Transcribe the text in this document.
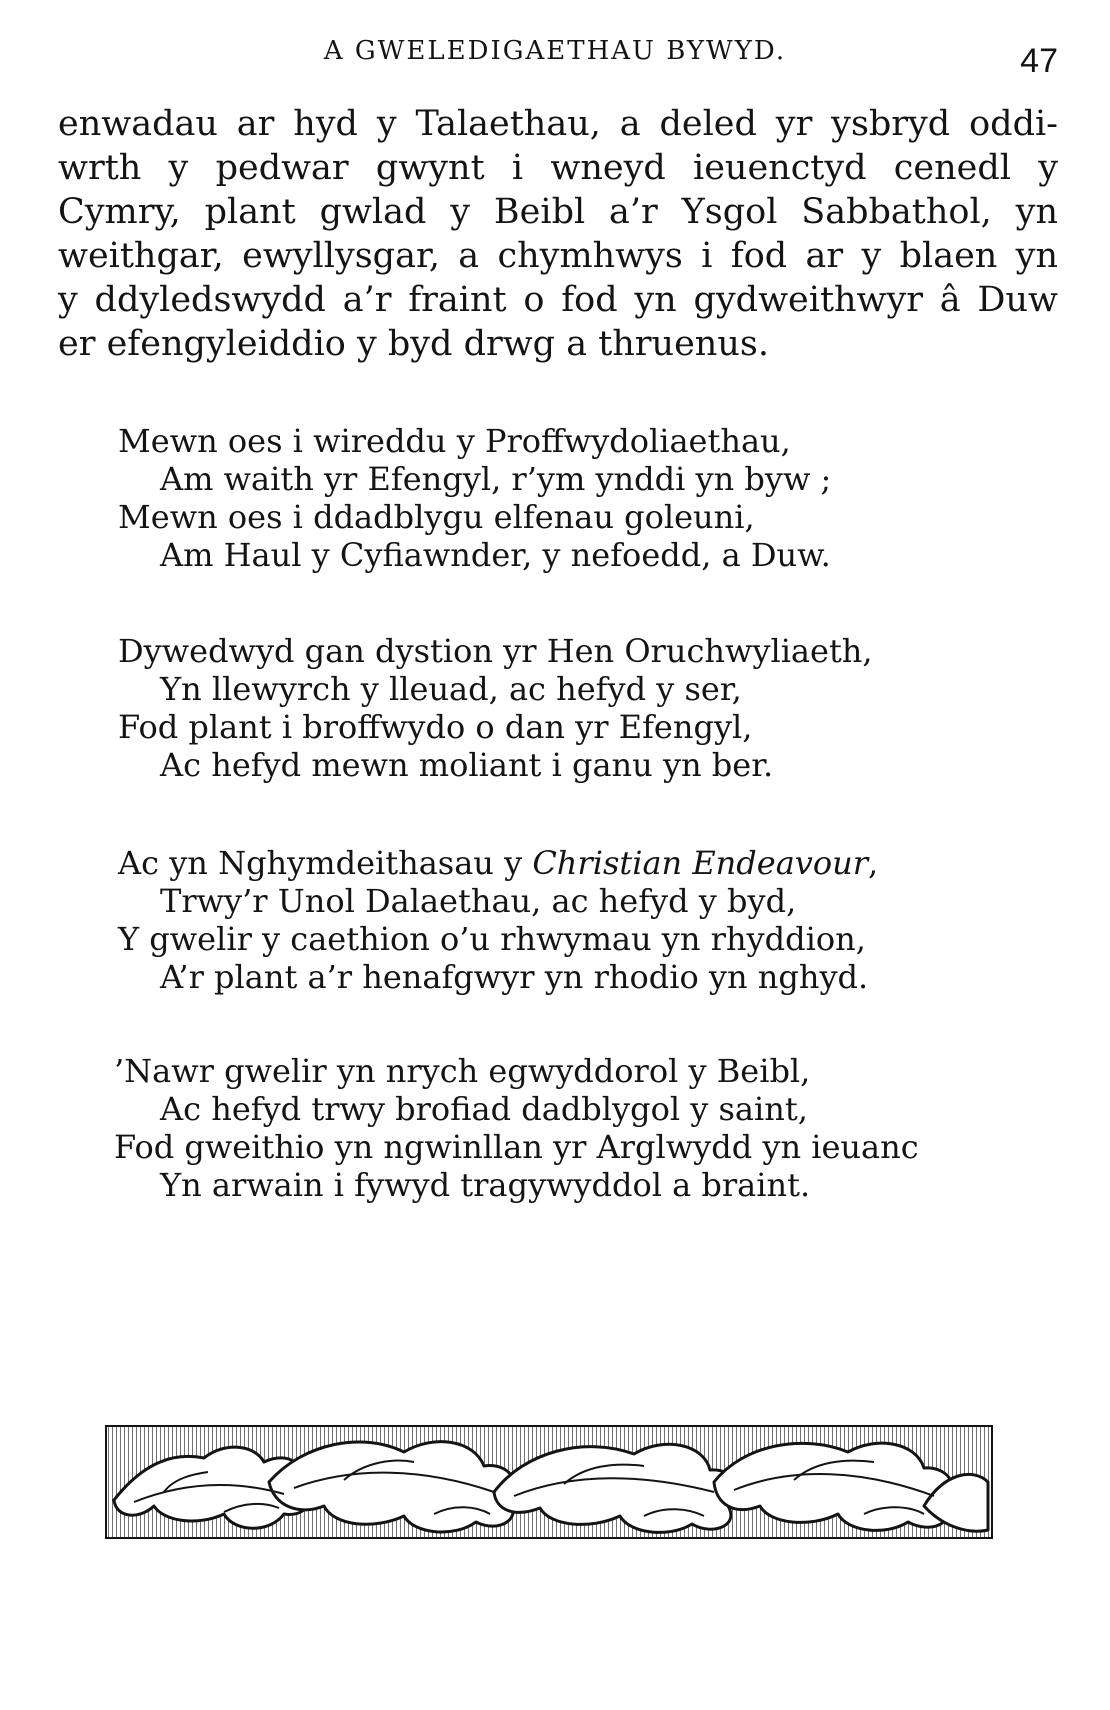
A GWELEDIGAETHAU BYWYD.	47
enwadau ar hyd y Talaethau, a deled yr ysbryd oddi-
wrth y pedwar gwynt i wneyd ieuenctyd cenedl y
Cymry, plant gwlad y Beibl a’r Ysgol Sabbathol, yn
weithgar, ewyllysgar, a chymhwys i fod ar y blaen yn
y ddyledswydd a’r fraint o fod yn gydweithwyr â Duw
er efengyleiddio y byd drwg a thruenus.
Mewn oes i wireddu y Proffwydoliaethau,
Am waith yr Efengyl, r’ym ynddi yn byw ;
Mewn oes i ddadblygu elfenau goleuni,
Am Haul y Cyfiawnder, y nefoedd, a Duw.
Dywedwyd gan dystion yr Hen Oruchwyliaeth,
Yn llewyrch y lleuad, ac hefyd y ser,
Fod plant i broffwydo o dan yr Efengyl,
Ac hefyd mewn moliant i ganu yn ber.
Ac yn Nghymdeithasau y Christian Endeavour,
Trwy’r Unol Dalaethau, ac hefyd y byd,
Y gwelir y caethion o’u rhwymau yn rhyddion,
A’r plant a’r henafgwyr yn rhodio yn nghyd.
’Nawr gwelir yn nrych egwyddorol y Beibl,
Ac hefyd trwy brofiad dadblygol y saint,
Fod gweithio yn ngwinllan yr Arglwydd yn ieuanc
Yn arwain i fywyd tragywyddol a braint.
